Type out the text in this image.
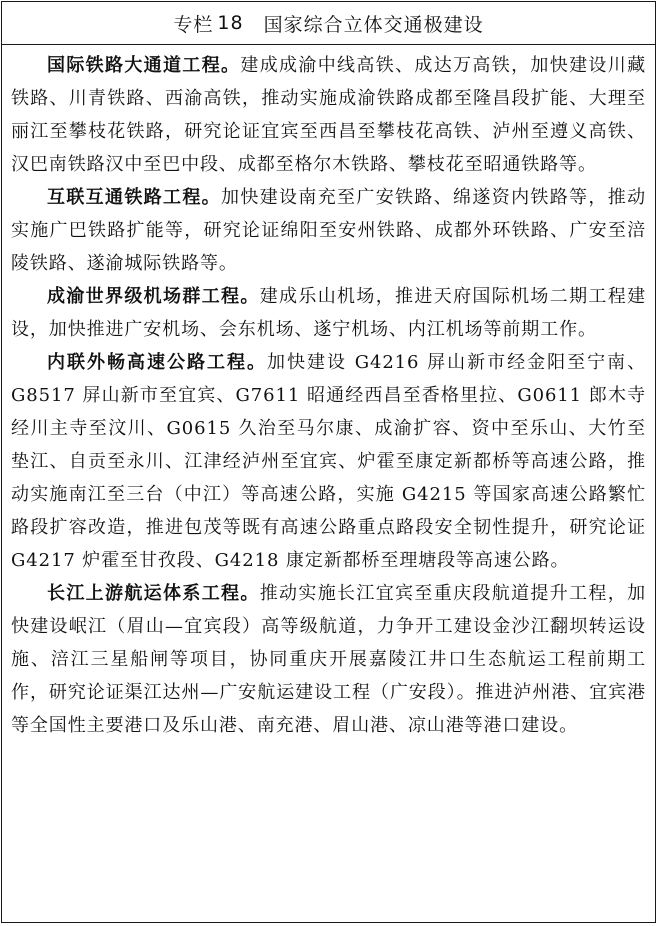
专栏 18 国家综合立体交通极建设

国际铁路大通道工程。建成成渝中线高铁、成达万高铁，加快建设川藏铁路、川青铁路、西渝高铁，推动实施成渝铁路成都至隆昌段扩能、大理至丽江至攀枝花铁路，研究论证宜宾至西昌至攀枝花高铁、泸州至遵义高铁、汉巴南铁路汉中至巴中段、成都至格尔木铁路、攀枝花至昭通铁路等。

互联互通铁路工程。加快建设南充至广安铁路、绵遂资内铁路等，推动实施广巴铁路扩能等，研究论证绵阳至安州铁路、成都外环铁路、广安至涪陵铁路、遂渝城际铁路等。

成渝世界级机场群工程。建成乐山机场，推进天府国际机场二期工程建设，加快推进广安机场、会东机场、遂宁机场、内江机场等前期工作。

内联外畅高速公路工程。加快建设 G4216 屏山新市经金阳至宁南、G8517 屏山新市至宜宾、G7611 昭通经西昌至香格里拉、G0611 郎木寺经川主寺至汶川、G0615 久治至马尔康、成渝扩容、资中至乐山、大竹至垫江、自贡至永川、江津经泸州至宜宾、炉霍至康定新都桥等高速公路，推动实施南江至三台（中江）等高速公路，实施 G4215 等国家高速公路繁忙路段扩容改造，推进包茂等既有高速公路重点路段安全韧性提升，研究论证 G4217 炉霍至甘孜段、G4218 康定新都桥至理塘段等高速公路。

长江上游航运体系工程。推动实施长江宜宾至重庆段航道提升工程，加快建设岷江（眉山—宜宾段）高等级航道，力争开工建设金沙江翻坝转运设施、涪江三星船闸等项目，协同重庆开展嘉陵江井口生态航运工程前期工作，研究论证渠江达州—广安航运建设工程（广安段）。推进泸州港、宜宾港等全国性主要港口及乐山港、南充港、眉山港、凉山港等港口建设。
